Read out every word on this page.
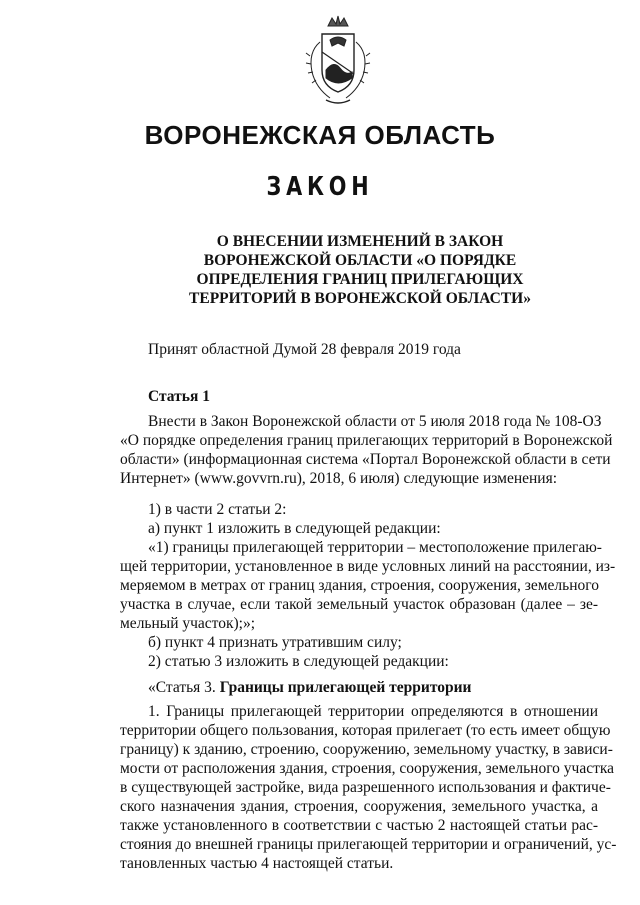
ВОРОНЕЖСКАЯ ОБЛАСТЬ
ЗАКОН
О ВНЕСЕНИИ ИЗМЕНЕНИЙ В ЗАКОН
ВОРОНЕЖСКОЙ ОБЛАСТИ «О ПОРЯДКЕ
ОПРЕДЕЛЕНИЯ ГРАНИЦ ПРИЛЕГАЮЩИХ
ТЕРРИТОРИЙ В ВОРОНЕЖСКОЙ ОБЛАСТИ»
Принят областной Думой 28 февраля 2019 года
Статья 1
Внести в Закон Воронежской области от 5 июля 2018 года № 108-ОЗ
«О порядке определения границ прилегающих территорий в Воронежской
области» (информационная система «Портал Воронежской области в сети
Интернет» (www.govvrn.ru), 2018, 6 июля) следующие изменения:
1) в части 2 статьи 2:
а) пункт 1 изложить в следующей редакции:
«1) границы прилегающей территории – местоположение прилегаю-
щей территории, установленное в виде условных линий на расстоянии, из-
меряемом в метрах от границ здания, строения, сооружения, земельного
участка в случае, если такой земельный участок образован (далее – зе-
мельный участок);»;
б) пункт 4 признать утратившим силу;
2) статью 3 изложить в следующей редакции:
«Статья 3. Границы прилегающей территории
1. Границы прилегающей территории определяются в отношении
территории общего пользования, которая прилегает (то есть имеет общую
границу) к зданию, строению, сооружению, земельному участку, в зависи-
мости от расположения здания, строения, сооружения, земельного участка
в существующей застройке, вида разрешенного использования и фактиче-
ского назначения здания, строения, сооружения, земельного участка, а
также установленного в соответствии с частью 2 настоящей статьи рас-
стояния до внешней границы прилегающей территории и ограничений, ус-
тановленных частью 4 настоящей статьи.
